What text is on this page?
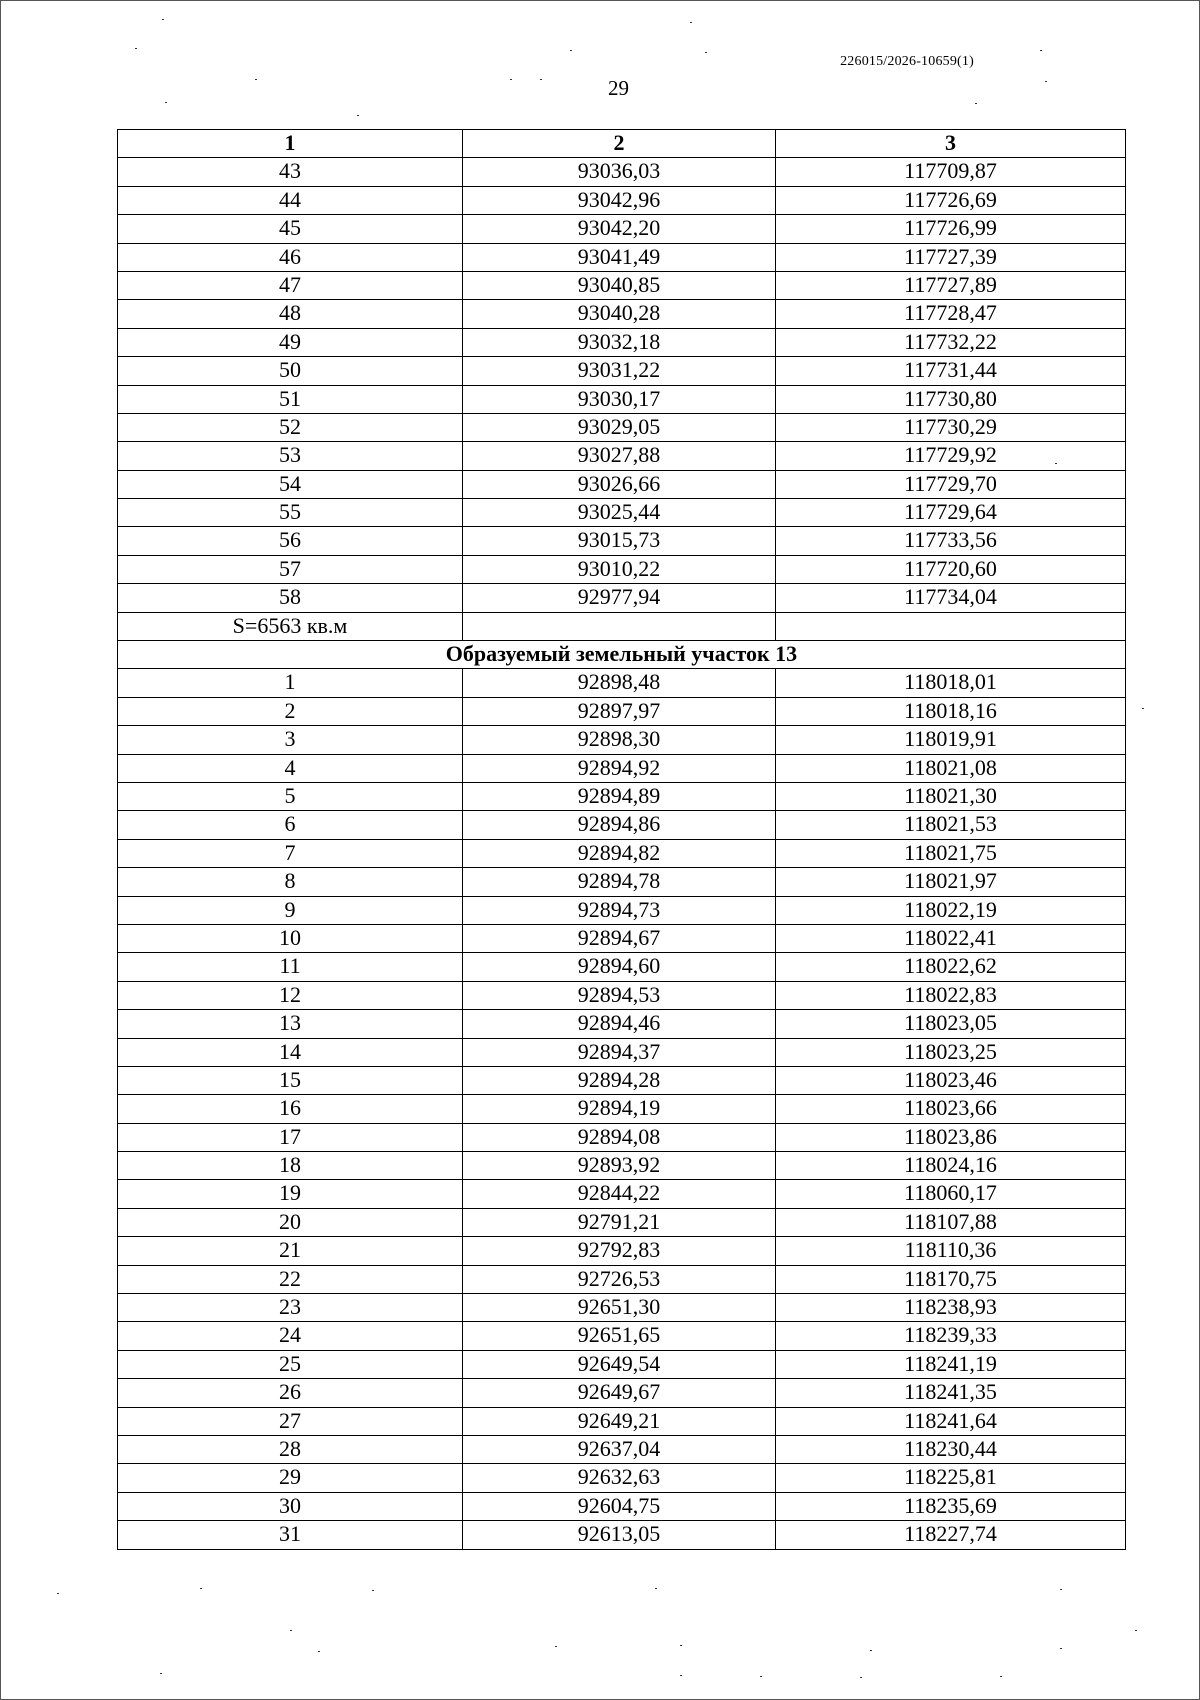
226015/2026-10659(1)
29
1	2	3
43	93036,03	117709,87
44	93042,96	117726,69
45	93042,20	117726,99
46	93041,49	117727,39
47	93040,85	117727,89
48	93040,28	117728,47
49	93032,18	117732,22
50	93031,22	117731,44
51	93030,17	117730,80
52	93029,05	117730,29
53	93027,88	117729,92
54	93026,66	117729,70
55	93025,44	117729,64
56	93015,73	117733,56
57	93010,22	117720,60
58	92977,94	117734,04
S=6563 кв.м		
Образуемый земельный участок 13		
1	92898,48	118018,01
2	92897,97	118018,16
3	92898,30	118019,91
4	92894,92	118021,08
5	92894,89	118021,30
6	92894,86	118021,53
7	92894,82	118021,75
8	92894,78	118021,97
9	92894,73	118022,19
10	92894,67	118022,41
11	92894,60	118022,62
12	92894,53	118022,83
13	92894,46	118023,05
14	92894,37	118023,25
15	92894,28	118023,46
16	92894,19	118023,66
17	92894,08	118023,86
18	92893,92	118024,16
19	92844,22	118060,17
20	92791,21	118107,88
21	92792,83	118110,36
22	92726,53	118170,75
23	92651,30	118238,93
24	92651,65	118239,33
25	92649,54	118241,19
26	92649,67	118241,35
27	92649,21	118241,64
28	92637,04	118230,44
29	92632,63	118225,81
30	92604,75	118235,69
31	92613,05	118227,74
